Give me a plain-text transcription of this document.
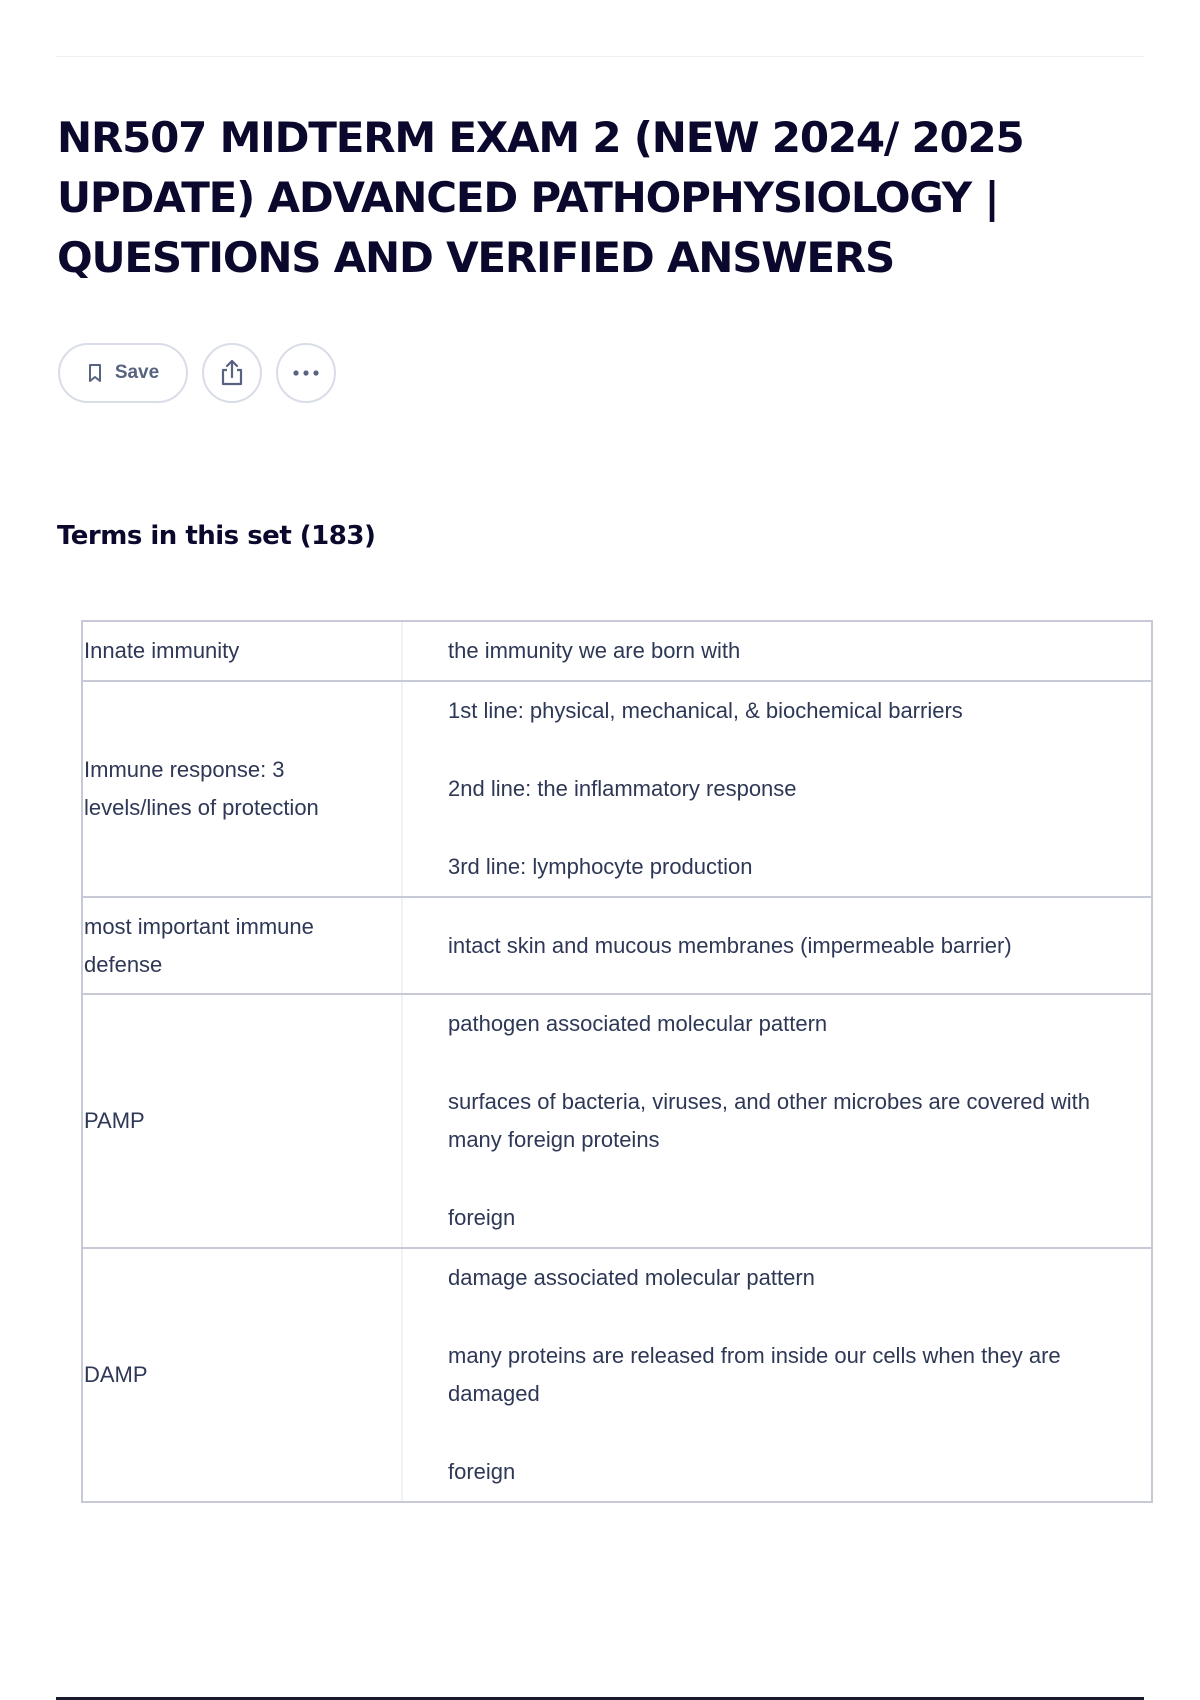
NR507 MIDTERM EXAM 2 (NEW 2024/ 2025 UPDATE) ADVANCED PATHOPHYSIOLOGY | QUESTIONS AND VERIFIED ANSWERS
Save
Terms in this set (183)
Innate immunity	the immunity we are born with

Immune response: 3 levels/lines of protection

1st line: physical, mechanical, & biochemical barriers

2nd line: the inflammatory response

3rd line: lymphocyte production

most important immune defense

intact skin and mucous membranes (impermeable barrier)

PAMP

pathogen associated molecular pattern

surfaces of bacteria, viruses, and other microbes are covered with many foreign proteins

foreign

DAMP

damage associated molecular pattern

many proteins are released from inside our cells when they are damaged

foreign
